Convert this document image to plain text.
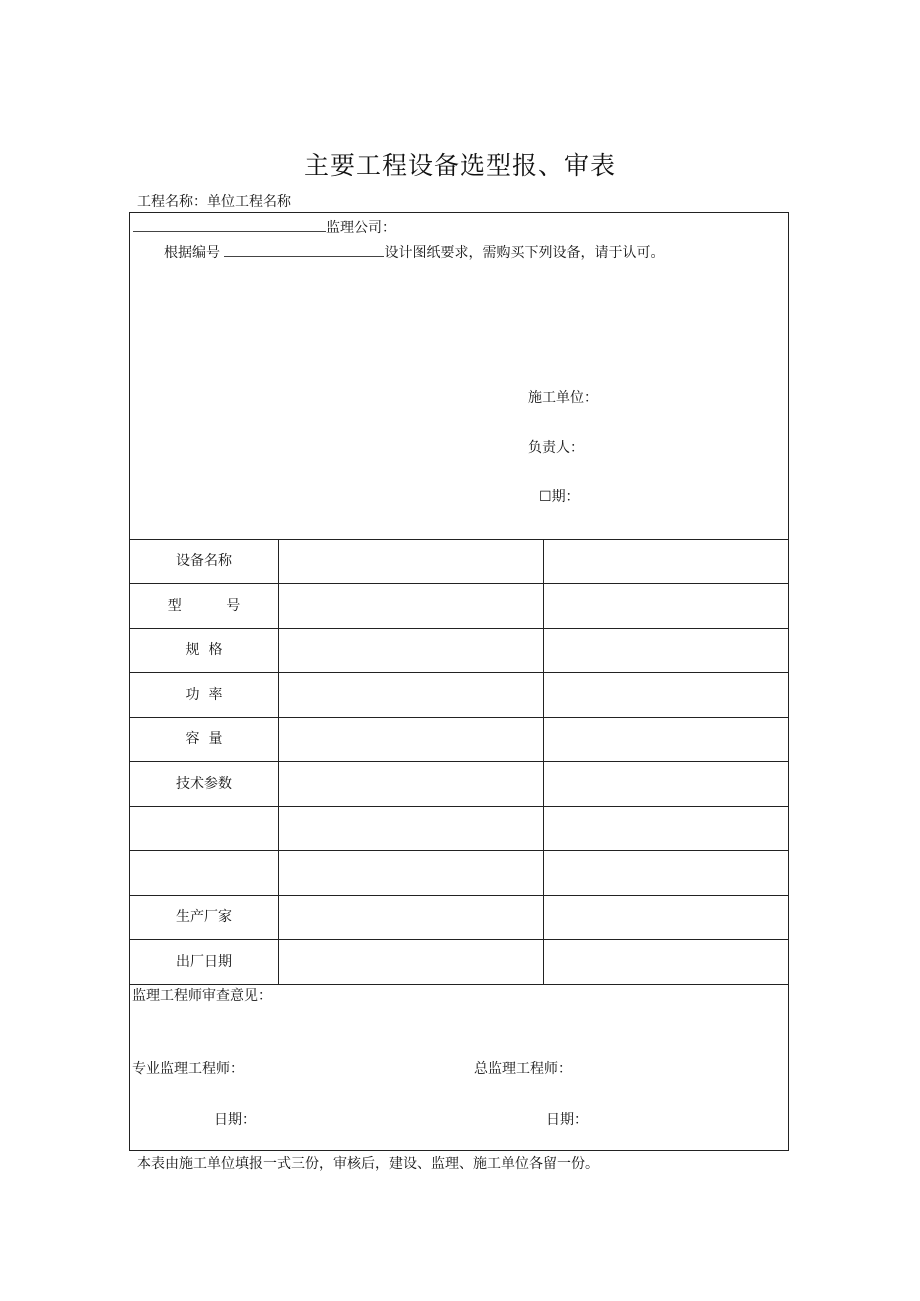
主要工程设备选型报、审表
工程名称：单位工程名称
监理公司：
根据编号	设计图纸要求，需购买下列设备，请于认可。
施工单位：
负责人：
☐期：
设备名称
型          号
规  格
功  率
容  量
技术参数
生产厂家
出厂日期
监理工程师审查意见：
专业监理工程师：	总监理工程师：
日期：	日期：
本表由施工单位填报一式三份，审核后，建设、监理、施工单位各留一份。
